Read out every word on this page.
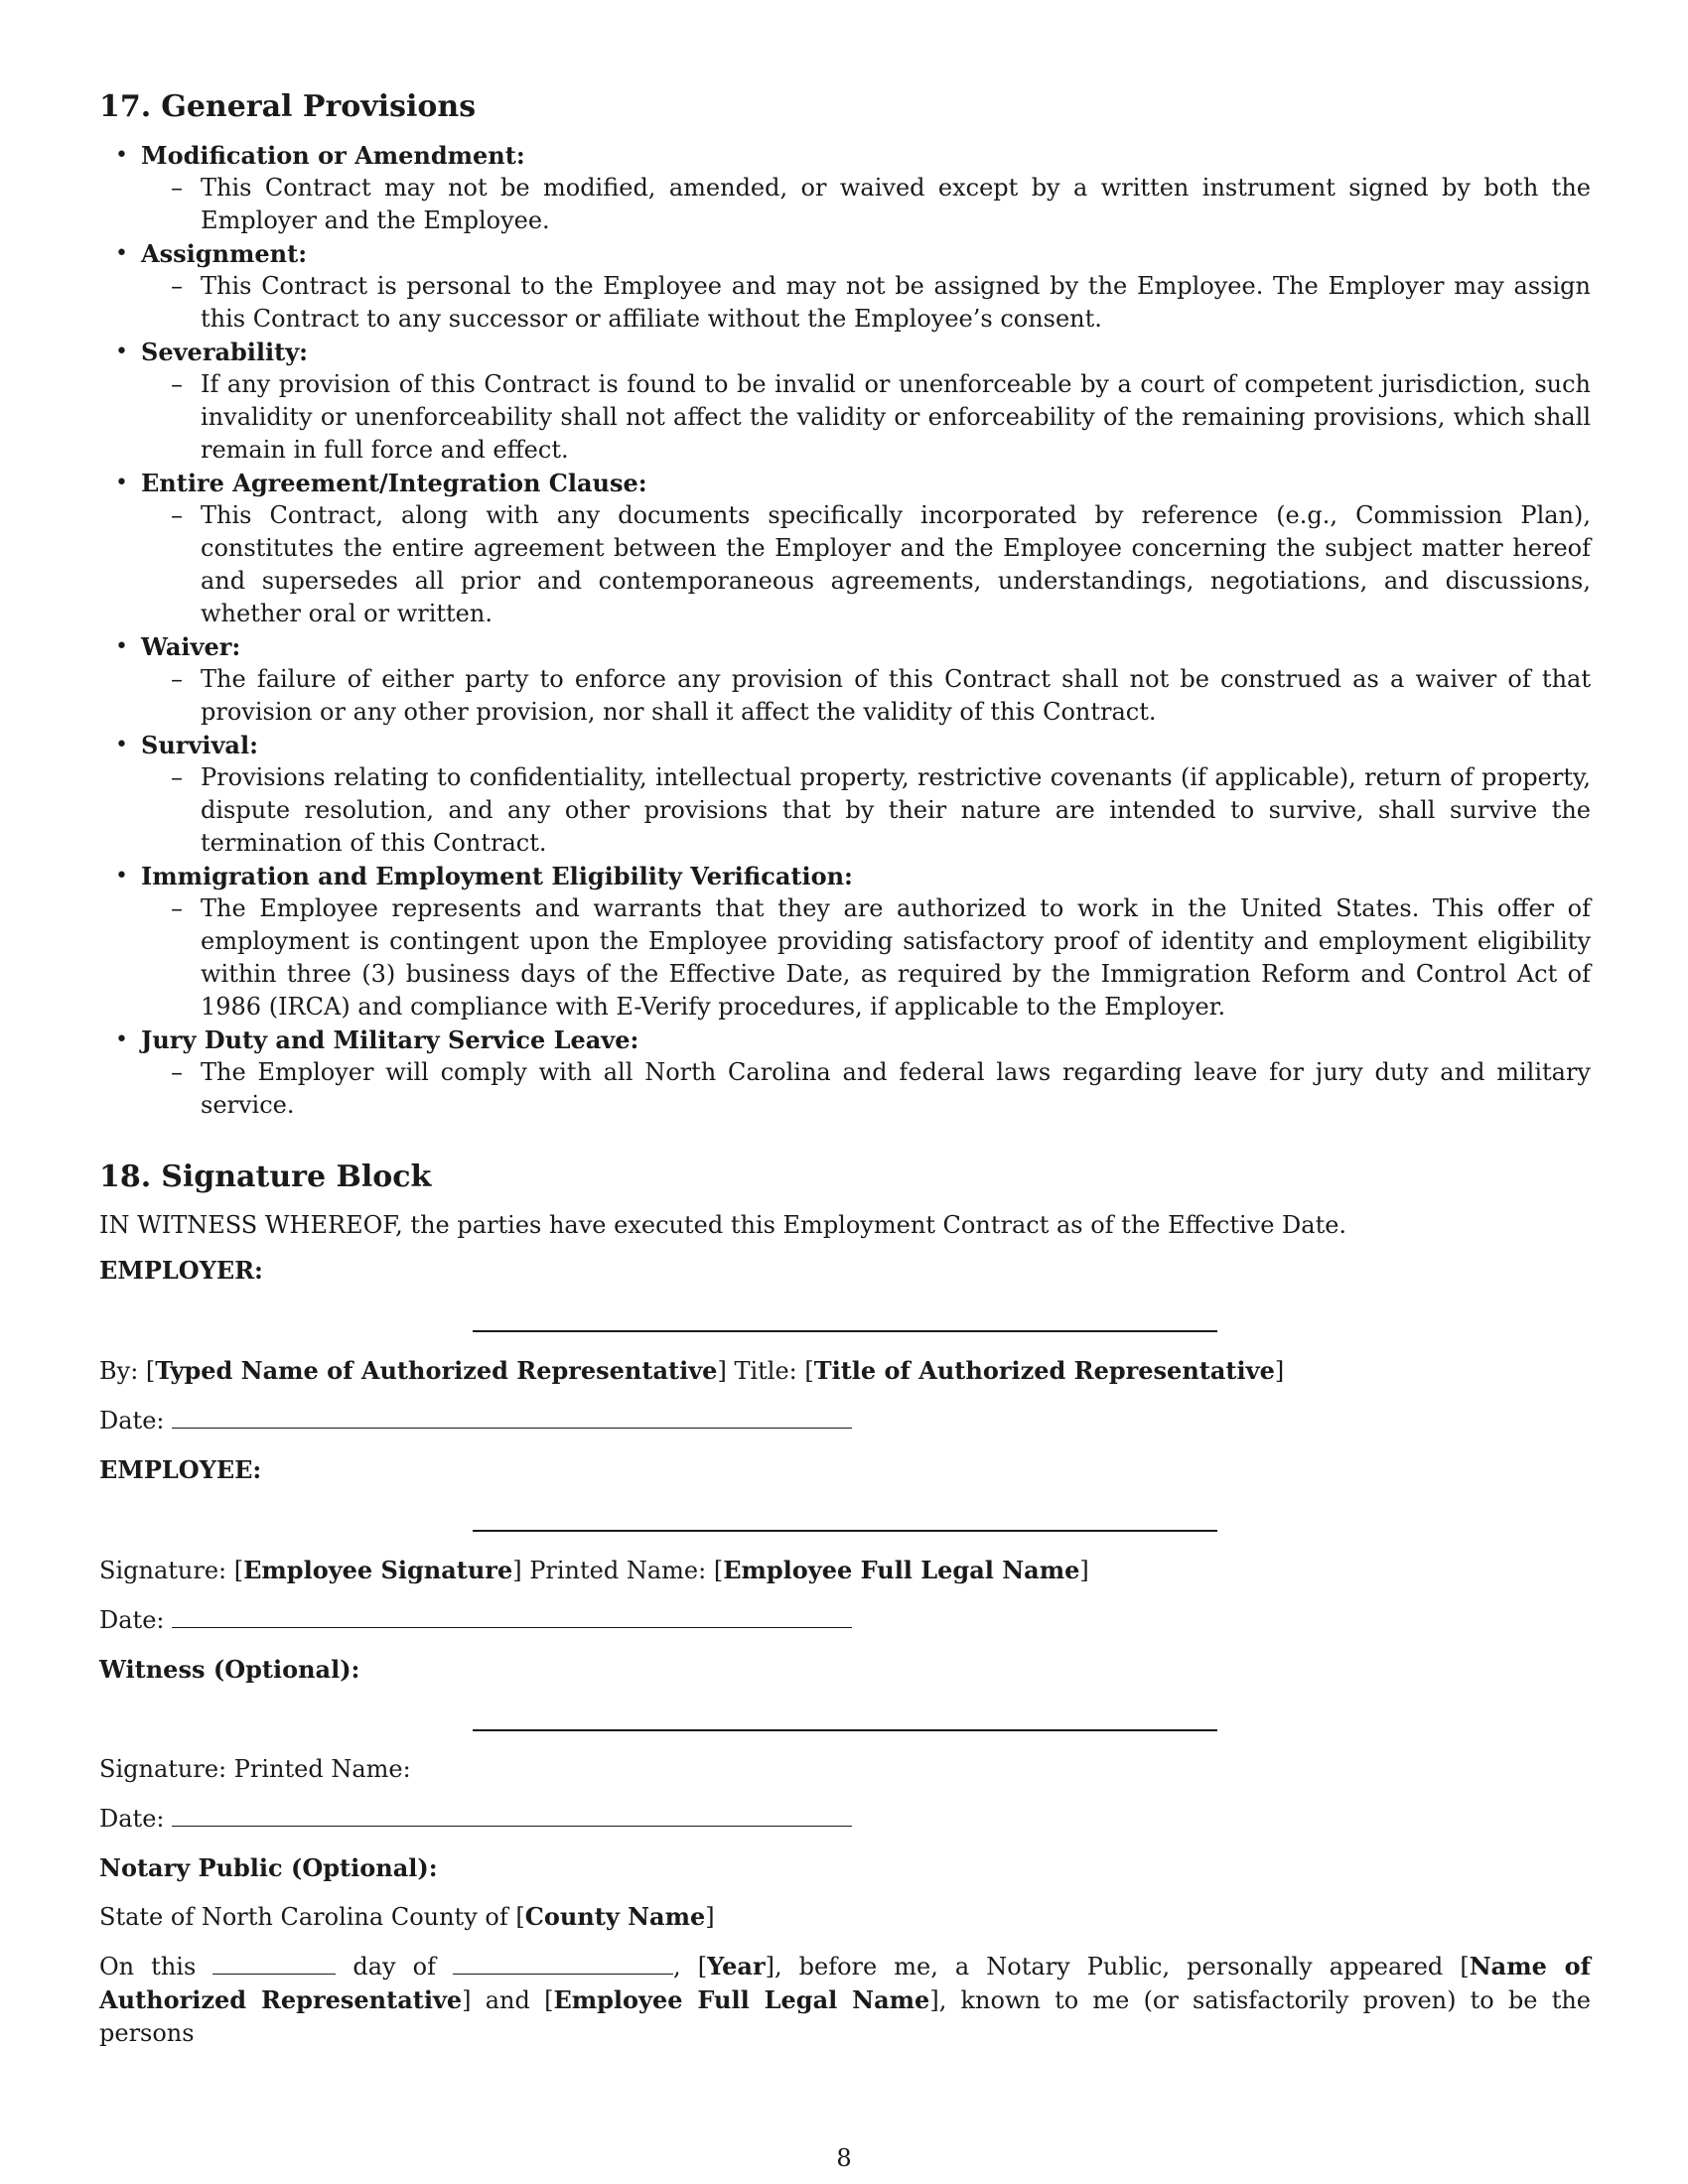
17. General Provisions
• Modification or Amendment:
– This Contract may not be modified, amended, or waived except by a written instrument signed by both the Employer and the Employee.
• Assignment:
– This Contract is personal to the Employee and may not be assigned by the Employee. The Employer may assign this Contract to any successor or affiliate without the Employee’s consent.
• Severability:
– If any provision of this Contract is found to be invalid or unenforceable by a court of competent jurisdiction, such invalidity or unenforceability shall not affect the validity or enforceability of the remaining provisions, which shall remain in full force and effect.
• Entire Agreement/Integration Clause:
– This Contract, along with any documents specifically incorporated by reference (e.g., Commission Plan), constitutes the entire agreement between the Employer and the Employee concerning the subject matter hereof and supersedes all prior and contemporaneous agreements, understandings, negotiations, and discussions, whether oral or written.
• Waiver:
– The failure of either party to enforce any provision of this Contract shall not be construed as a waiver of that provision or any other provision, nor shall it affect the validity of this Contract.
• Survival:
– Provisions relating to confidentiality, intellectual property, restrictive covenants (if applicable), return of property, dispute resolution, and any other provisions that by their nature are intended to survive, shall survive the termination of this Contract.
• Immigration and Employment Eligibility Verification:
– The Employee represents and warrants that they are authorized to work in the United States. This offer of employment is contingent upon the Employee providing satisfactory proof of identity and employment eligibility within three (3) business days of the Effective Date, as required by the Immigration Reform and Control Act of 1986 (IRCA) and compliance with E-Verify procedures, if applicable to the Employer.
• Jury Duty and Military Service Leave:
– The Employer will comply with all North Carolina and federal laws regarding leave for jury duty and military service.
18. Signature Block

IN WITNESS WHEREOF, the parties have executed this Employment Contract as of the Effective Date.

EMPLOYER:

By: [Typed Name of Authorized Representative] Title: [Title of Authorized Representative]

Date:

EMPLOYEE:

Signature: [Employee Signature] Printed Name: [Employee Full Legal Name]

Date:

Witness (Optional):

Signature: Printed Name:

Date:

Notary Public (Optional):

State of North Carolina County of [County Name]

On this	day of	, [Year], before me, a Notary Public, personally appeared [Name of Authorized Representative] and [Employee Full Legal Name], known to me (or satisfactorily proven) to be the persons

8
